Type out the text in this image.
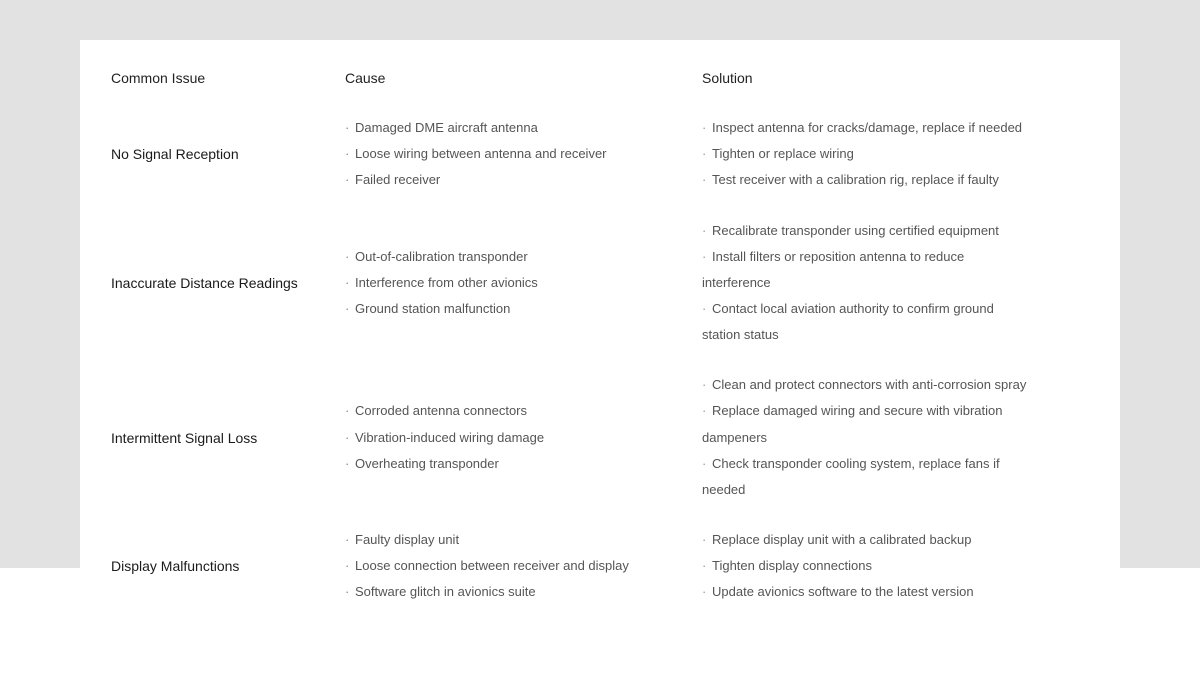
Common Issue	Cause	Solution
No Signal Reception
· Damaged DME aircraft antenna
· Loose wiring between antenna and receiver
· Failed receiver
· Inspect antenna for cracks/damage, replace if needed
· Tighten or replace wiring
· Test receiver with a calibration rig, replace if faulty
Inaccurate Distance Readings
· Out-of-calibration transponder
· Interference from other avionics
· Ground station malfunction
· Recalibrate transponder using certified equipment
· Install filters or reposition antenna to reduce
interference
· Contact local aviation authority to confirm ground
station status
Intermittent Signal Loss
· Corroded antenna connectors
· Vibration-induced wiring damage
· Overheating transponder
· Clean and protect connectors with anti-corrosion spray
· Replace damaged wiring and secure with vibration
dampeners
· Check transponder cooling system, replace fans if
needed
Display Malfunctions
· Faulty display unit
· Loose connection between receiver and display
· Software glitch in avionics suite
· Replace display unit with a calibrated backup
· Tighten display connections
· Update avionics software to the latest version
